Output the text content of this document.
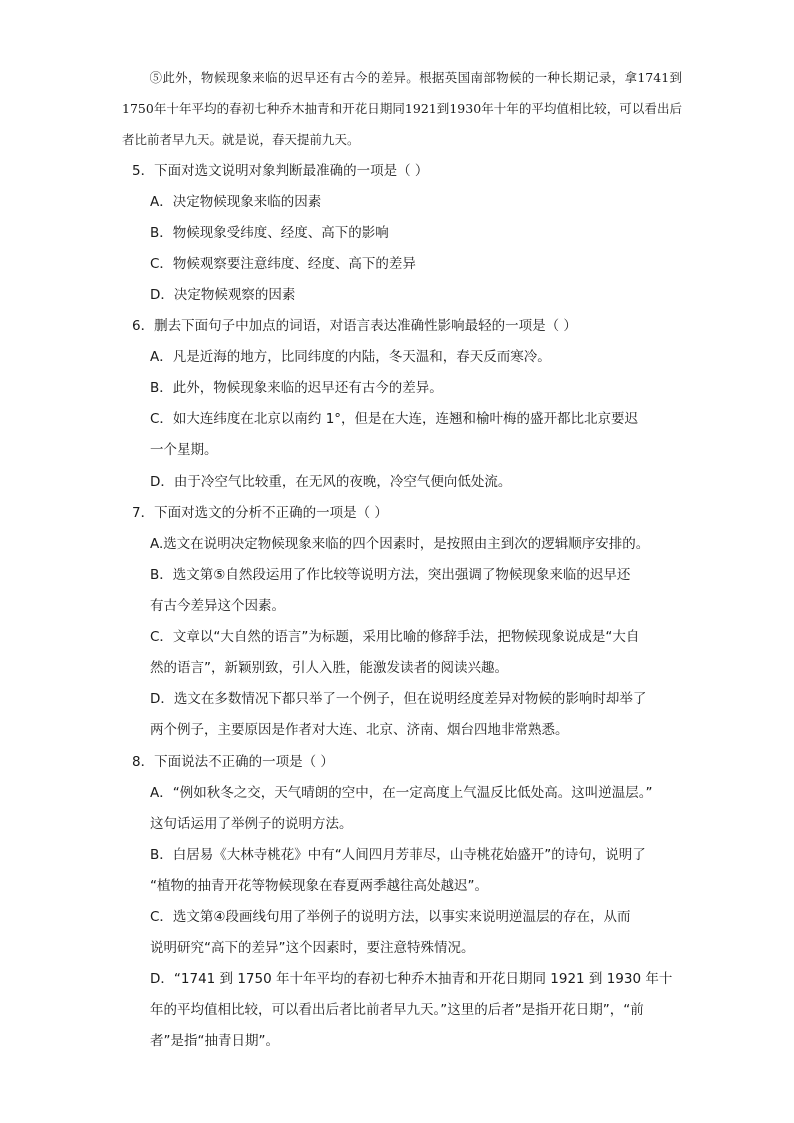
⑤此外，物候现象来临的迟早还有古今的差异。根据英国南部物候的一种长期记录，拿1741到1750年十年平均的春初七种乔木抽青和开花日期同1921到1930年十年的平均值相比较，可以看出后者比前者早九天。就是说，春天提前九天。
5．下面对选文说明对象判断最准确的一项是（ ）
A．决定物候现象来临的因素
B．物候现象受纬度、经度、高下的影响
C．物候观察要注意纬度、经度、高下的差异
D．决定物候观察的因素
6．删去下面句子中加点的词语，对语言表达准确性影响最轻的一项是（ ）
A．凡是近海的地方，比同纬度的内陆，冬天温和，春天反而寒冷。
B．此外，物候现象来临的迟早还有古今的差异。
C．如大连纬度在北京以南约 1°，但是在大连，连翘和榆叶梅的盛开都比北京要迟
一个星期。
D．由于冷空气比较重，在无风的夜晚，冷空气便向低处流。
7．下面对选文的分析不正确的一项是（ ）
A.选文在说明决定物候现象来临的四个因素时，是按照由主到次的逻辑顺序安排的。
B．选文第⑤自然段运用了作比较等说明方法，突出强调了物候现象来临的迟早还
有古今差异这个因素。
C．文章以“大自然的语言”为标题，采用比喻的修辞手法，把物候现象说成是“大自
然的语言”，新颖别致，引人入胜，能激发读者的阅读兴趣。
D．选文在多数情况下都只举了一个例子，但在说明经度差异对物候的影响时却举了
两个例子，主要原因是作者对大连、北京、济南、烟台四地非常熟悉。
8．下面说法不正确的一项是（ ）
A．“例如秋冬之交，天气晴朗的空中，在一定高度上气温反比低处高。这叫逆温层。”
这句话运用了举例子的说明方法。
B．白居易《大林寺桃花》中有“人间四月芳菲尽，山寺桃花始盛开”的诗句，说明了
“植物的抽青开花等物候现象在春夏两季越往高处越迟”。
C．选文第④段画线句用了举例子的说明方法，以事实来说明逆温层的存在，从而
说明研究“高下的差异”这个因素时，要注意特殊情况。
D．“1741 到 1750 年十年平均的春初七种乔木抽青和开花日期同 1921 到 1930 年十
年的平均值相比较，可以看出后者比前者早九天。”这里的后者”是指开花日期”，“前
者”是指“抽青日期”。
